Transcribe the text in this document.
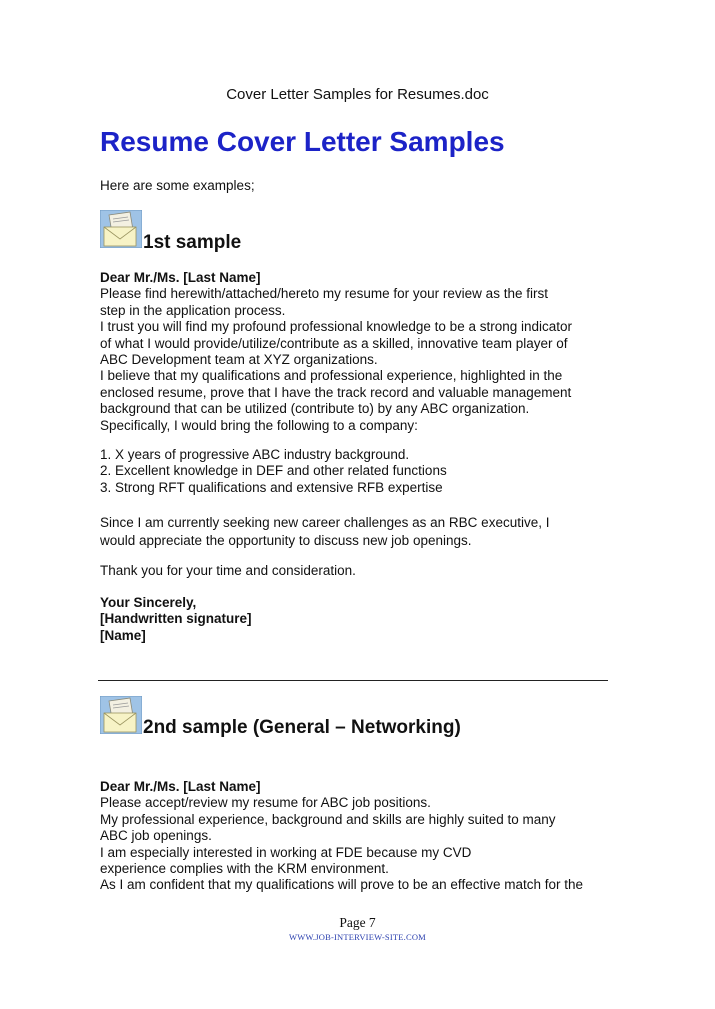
Cover Letter Samples for Resumes.doc
Resume Cover Letter Samples
Here are some examples;
1st sample
Dear Mr./Ms. [Last Name]
Please find herewith/attached/hereto my resume for your review as the first
step in the application process.
I trust you will find my profound professional knowledge to be a strong indicator
of what I would provide/utilize/contribute as a skilled, innovative team player of
ABC Development team at XYZ organizations.
I believe that my qualifications and professional experience, highlighted in the
enclosed resume, prove that I have the track record and valuable management
background that can be utilized (contribute to) by any ABC organization.
Specifically, I would bring the following to a company:
1. X years of progressive ABC industry background.
2. Excellent knowledge in DEF and other related functions
3. Strong RFT qualifications and extensive RFB expertise
Since I am currently seeking new career challenges as an RBC executive, I
would appreciate the opportunity to discuss new job openings.
Thank you for your time and consideration.
Your Sincerely,
[Handwritten signature]
[Name]
2nd sample (General – Networking)
Dear Mr./Ms. [Last Name]
Please accept/review my resume for ABC job positions.
My professional experience, background and skills are highly suited to many
ABC job openings.
I am especially interested in working at FDE because my CVD
experience complies with the KRM environment.
As I am confident that my qualifications will prove to be an effective match for the
Page 7
WWW.JOB-INTERVIEW-SITE.COM
